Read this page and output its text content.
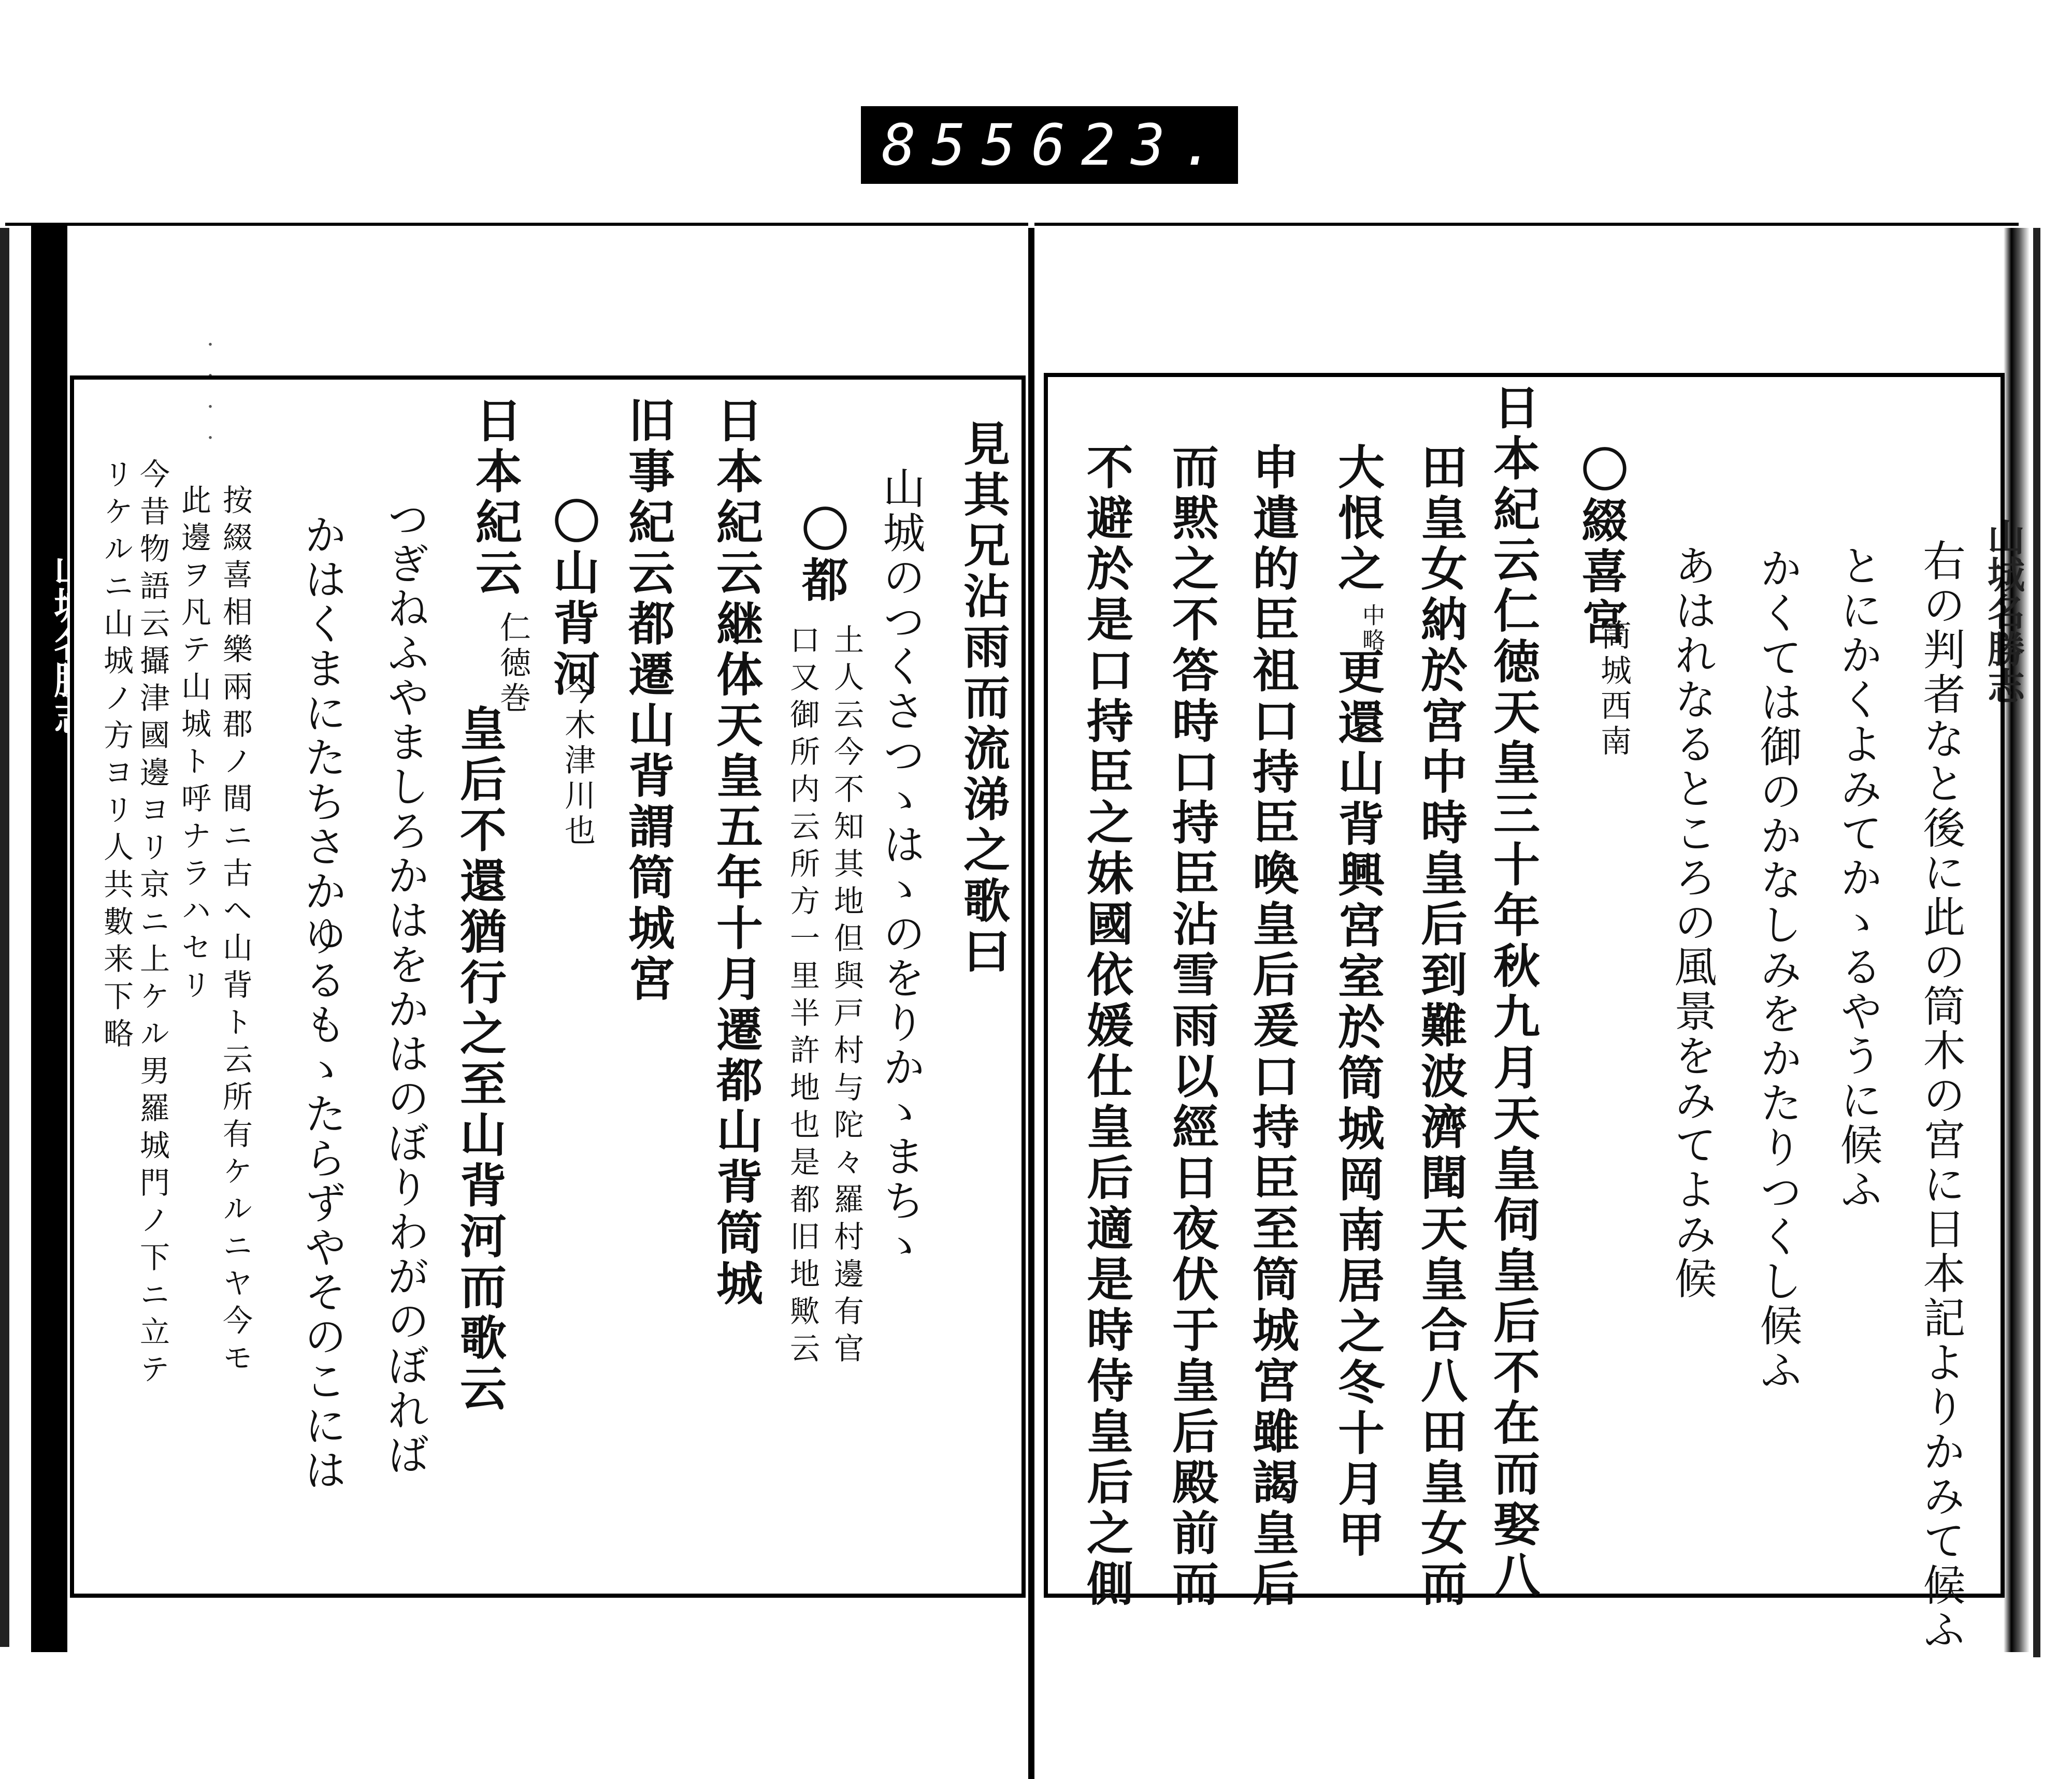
855 623.
山城名勝志	山城名勝志
・・・・
見其兄沾雨而流涕之歌曰
山城のつくさつゝはゝのをりかゝまちゝ
〇都
土人云今不知其地但與戸村与陀々羅村邊有官
口又御所内云所方一里半許地也是都旧地歟云
日本紀云継体天皇五年十月遷都山背筒城
旧事紀云都遷山背謂筒城宮
〇山背河
今木津川也
日本紀云
仁徳巻
皇后不還猶行之至山背河而歌云
つぎねふやましろかはをかはのぼりわがのぼれば
かはくまにたちさかゆるもゝたらずやそのこには
按綴喜相樂兩郡ノ間ニ古ヘ山背ト云所有ケルニヤ今モ
此邊ヲ凡テ山城ト呼ナラハセリ
今昔物語云攝津國邊ヨリ京ニ上ケル男羅城門ノ下ニ立テ
リケルニ山城ノ方ヨリ人共數来下略	右の判者なと後に此の筒木の宮に日本記よりかみて候ふ
とにかくよみてかゝるやうに候ふ
かくては御のかなしみをかたりつくし候ふ
あはれなるところの風景をみてよみ候
〇綴喜宮
筒城西南
日本紀云仁徳天皇三十年秋九月天皇伺皇后不在而娶八
田皇女納於宮中時皇后到難波濟聞天皇合八田皇女而
大恨之
中略
更還山背興宮室於筒城岡南居之冬十月甲
申遣的臣祖口持臣喚皇后爰口持臣至筒城宮雖謁皇后
而黙之不答時口持臣沾雪雨以經日夜伏于皇后殿前而
不避於是口持臣之妹國依媛仕皇后適是時侍皇后之側
